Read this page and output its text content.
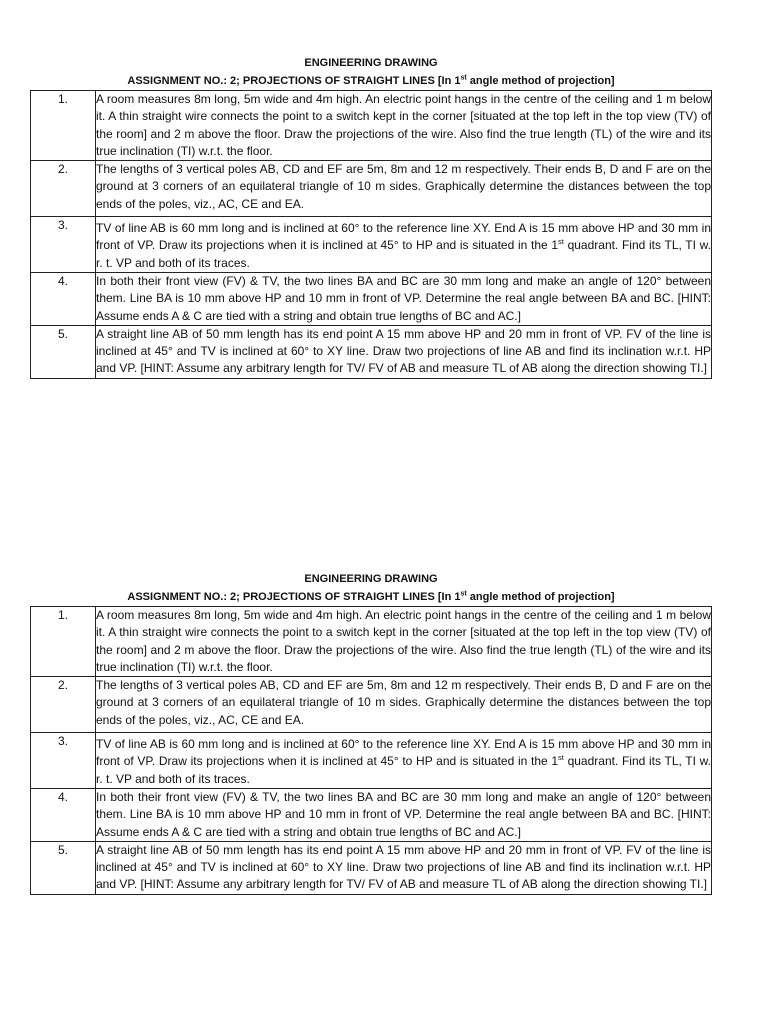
ENGINEERING DRAWING
ASSIGNMENT NO.: 2; PROJECTIONS OF STRAIGHT LINES [In 1st angle method of projection]
1.	A room measures 8m long, 5m wide and 4m high. An electric point hangs in the centre of the ceiling and 1 m below it. A thin straight wire connects the point to a switch kept in the corner [situated at the top left in the top view (TV) of the room] and 2 m above the floor. Draw the projections of the wire. Also find the true length (TL) of the wire and its true inclination (TI) w.r.t. the floor.
2.	The lengths of 3 vertical poles AB, CD and EF are 5m, 8m and 12 m respectively. Their ends B, D and F are on the ground at 3 corners of an equilateral triangle of 10 m sides. Graphically determine the distances between the top ends of the poles, viz., AC, CE and EA.
3.	TV of line AB is 60 mm long and is inclined at 60° to the reference line XY. End A is 15 mm above HP and 30 mm in front of VP. Draw its projections when it is inclined at 45° to HP and is situated in the 1st quadrant. Find its TL, TI w. r. t. VP and both of its traces.
4.	In both their front view (FV) & TV, the two lines BA and BC are 30 mm long and make an angle of 120° between them. Line BA is 10 mm above HP and 10 mm in front of VP. Determine the real angle between BA and BC. [HINT: Assume ends A & C are tied with a string and obtain true lengths of BC and AC.]
5.	A straight line AB of 50 mm length has its end point A 15 mm above HP and 20 mm in front of VP. FV of the line is inclined at 45° and TV is inclined at 60° to XY line. Draw two projections of line AB and find its inclination w.r.t. HP and VP. [HINT: Assume any arbitrary length for TV/ FV of AB and measure TL of AB along the direction showing TI.]
ENGINEERING DRAWING
ASSIGNMENT NO.: 2; PROJECTIONS OF STRAIGHT LINES [In 1st angle method of projection]
1.	A room measures 8m long, 5m wide and 4m high. An electric point hangs in the centre of the ceiling and 1 m below it. A thin straight wire connects the point to a switch kept in the corner [situated at the top left in the top view (TV) of the room] and 2 m above the floor. Draw the projections of the wire. Also find the true length (TL) of the wire and its true inclination (TI) w.r.t. the floor.
2.	The lengths of 3 vertical poles AB, CD and EF are 5m, 8m and 12 m respectively. Their ends B, D and F are on the ground at 3 corners of an equilateral triangle of 10 m sides. Graphically determine the distances between the top ends of the poles, viz., AC, CE and EA.
3.	TV of line AB is 60 mm long and is inclined at 60° to the reference line XY. End A is 15 mm above HP and 30 mm in front of VP. Draw its projections when it is inclined at 45° to HP and is situated in the 1st quadrant. Find its TL, TI w. r. t. VP and both of its traces.
4.	In both their front view (FV) & TV, the two lines BA and BC are 30 mm long and make an angle of 120° between them. Line BA is 10 mm above HP and 10 mm in front of VP. Determine the real angle between BA and BC. [HINT: Assume ends A & C are tied with a string and obtain true lengths of BC and AC.]
5.	A straight line AB of 50 mm length has its end point A 15 mm above HP and 20 mm in front of VP. FV of the line is inclined at 45° and TV is inclined at 60° to XY line. Draw two projections of line AB and find its inclination w.r.t. HP and VP. [HINT: Assume any arbitrary length for TV/ FV of AB and measure TL of AB along the direction showing TI.]
